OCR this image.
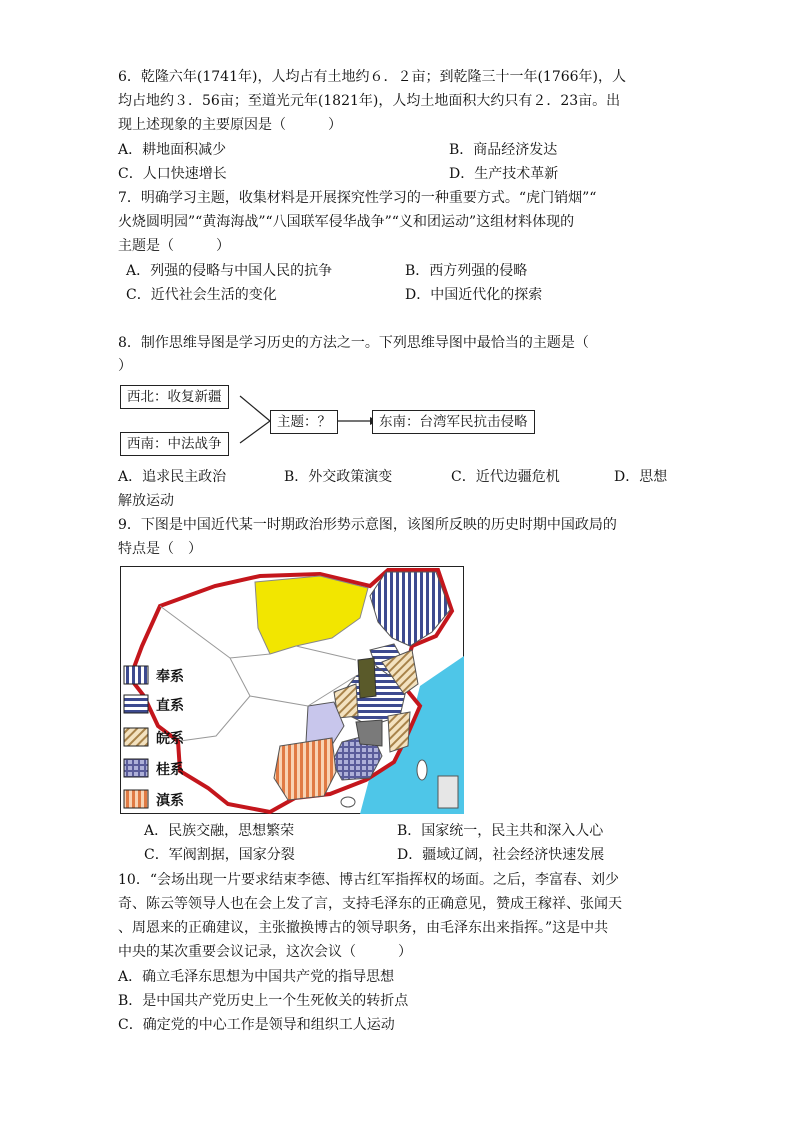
6．乾隆六年(1741年)，人均占有土地约６．２亩；到乾隆三十一年(1766年)，人
均占地约３．56亩；至道光元年(1821年)，人均土地面积大约只有２．23亩。出
现上述现象的主要原因是（　　　）
A．耕地面积减少	B．商品经济发达
C．人口快速增长	D．生产技术革新
7．明确学习主题，收集材料是开展探究性学习的一种重要方式。“虎门销烟”“
火烧圆明园”“黄海海战”“八国联军侵华战争”“义和团运动”这组材料体现的
主题是（　　　）
A．列强的侵略与中国人民的抗争	B．西方列强的侵略
C．近代社会生活的变化	D．中国近代化的探索
8．制作思维导图是学习历史的方法之一。下列思维导图中最恰当的主题是（
）
西北：收复新疆
西南：中法战争
主题：？	东南：台湾军民抗击侵略
A．追求民主政治	B．外交政策演变	C．近代边疆危机	D．思想
解放运动
9．下图是中国近代某一时期政治形势示意图，该图所反映的历史时期中国政局的
特点是（　）
奉系
直系
皖系
桂系
滇系
A．民族交融，思想繁荣	B．国家统一，民主共和深入人心
C．军阀割据，国家分裂	D．疆域辽阔，社会经济快速发展
10．“会场出现一片要求结束李德、博古红军指挥权的场面。之后，李富春、刘少
奇、陈云等领导人也在会上发了言，支持毛泽东的正确意见，赞成王稼祥、张闻天
、周恩来的正确建议，主张撤换博古的领导职务，由毛泽东出来指挥。”这是中共
中央的某次重要会议记录，这次会议（　　　）
A．确立毛泽东思想为中国共产党的指导思想
B．是中国共产党历史上一个生死攸关的转折点
C．确定党的中心工作是领导和组织工人运动
